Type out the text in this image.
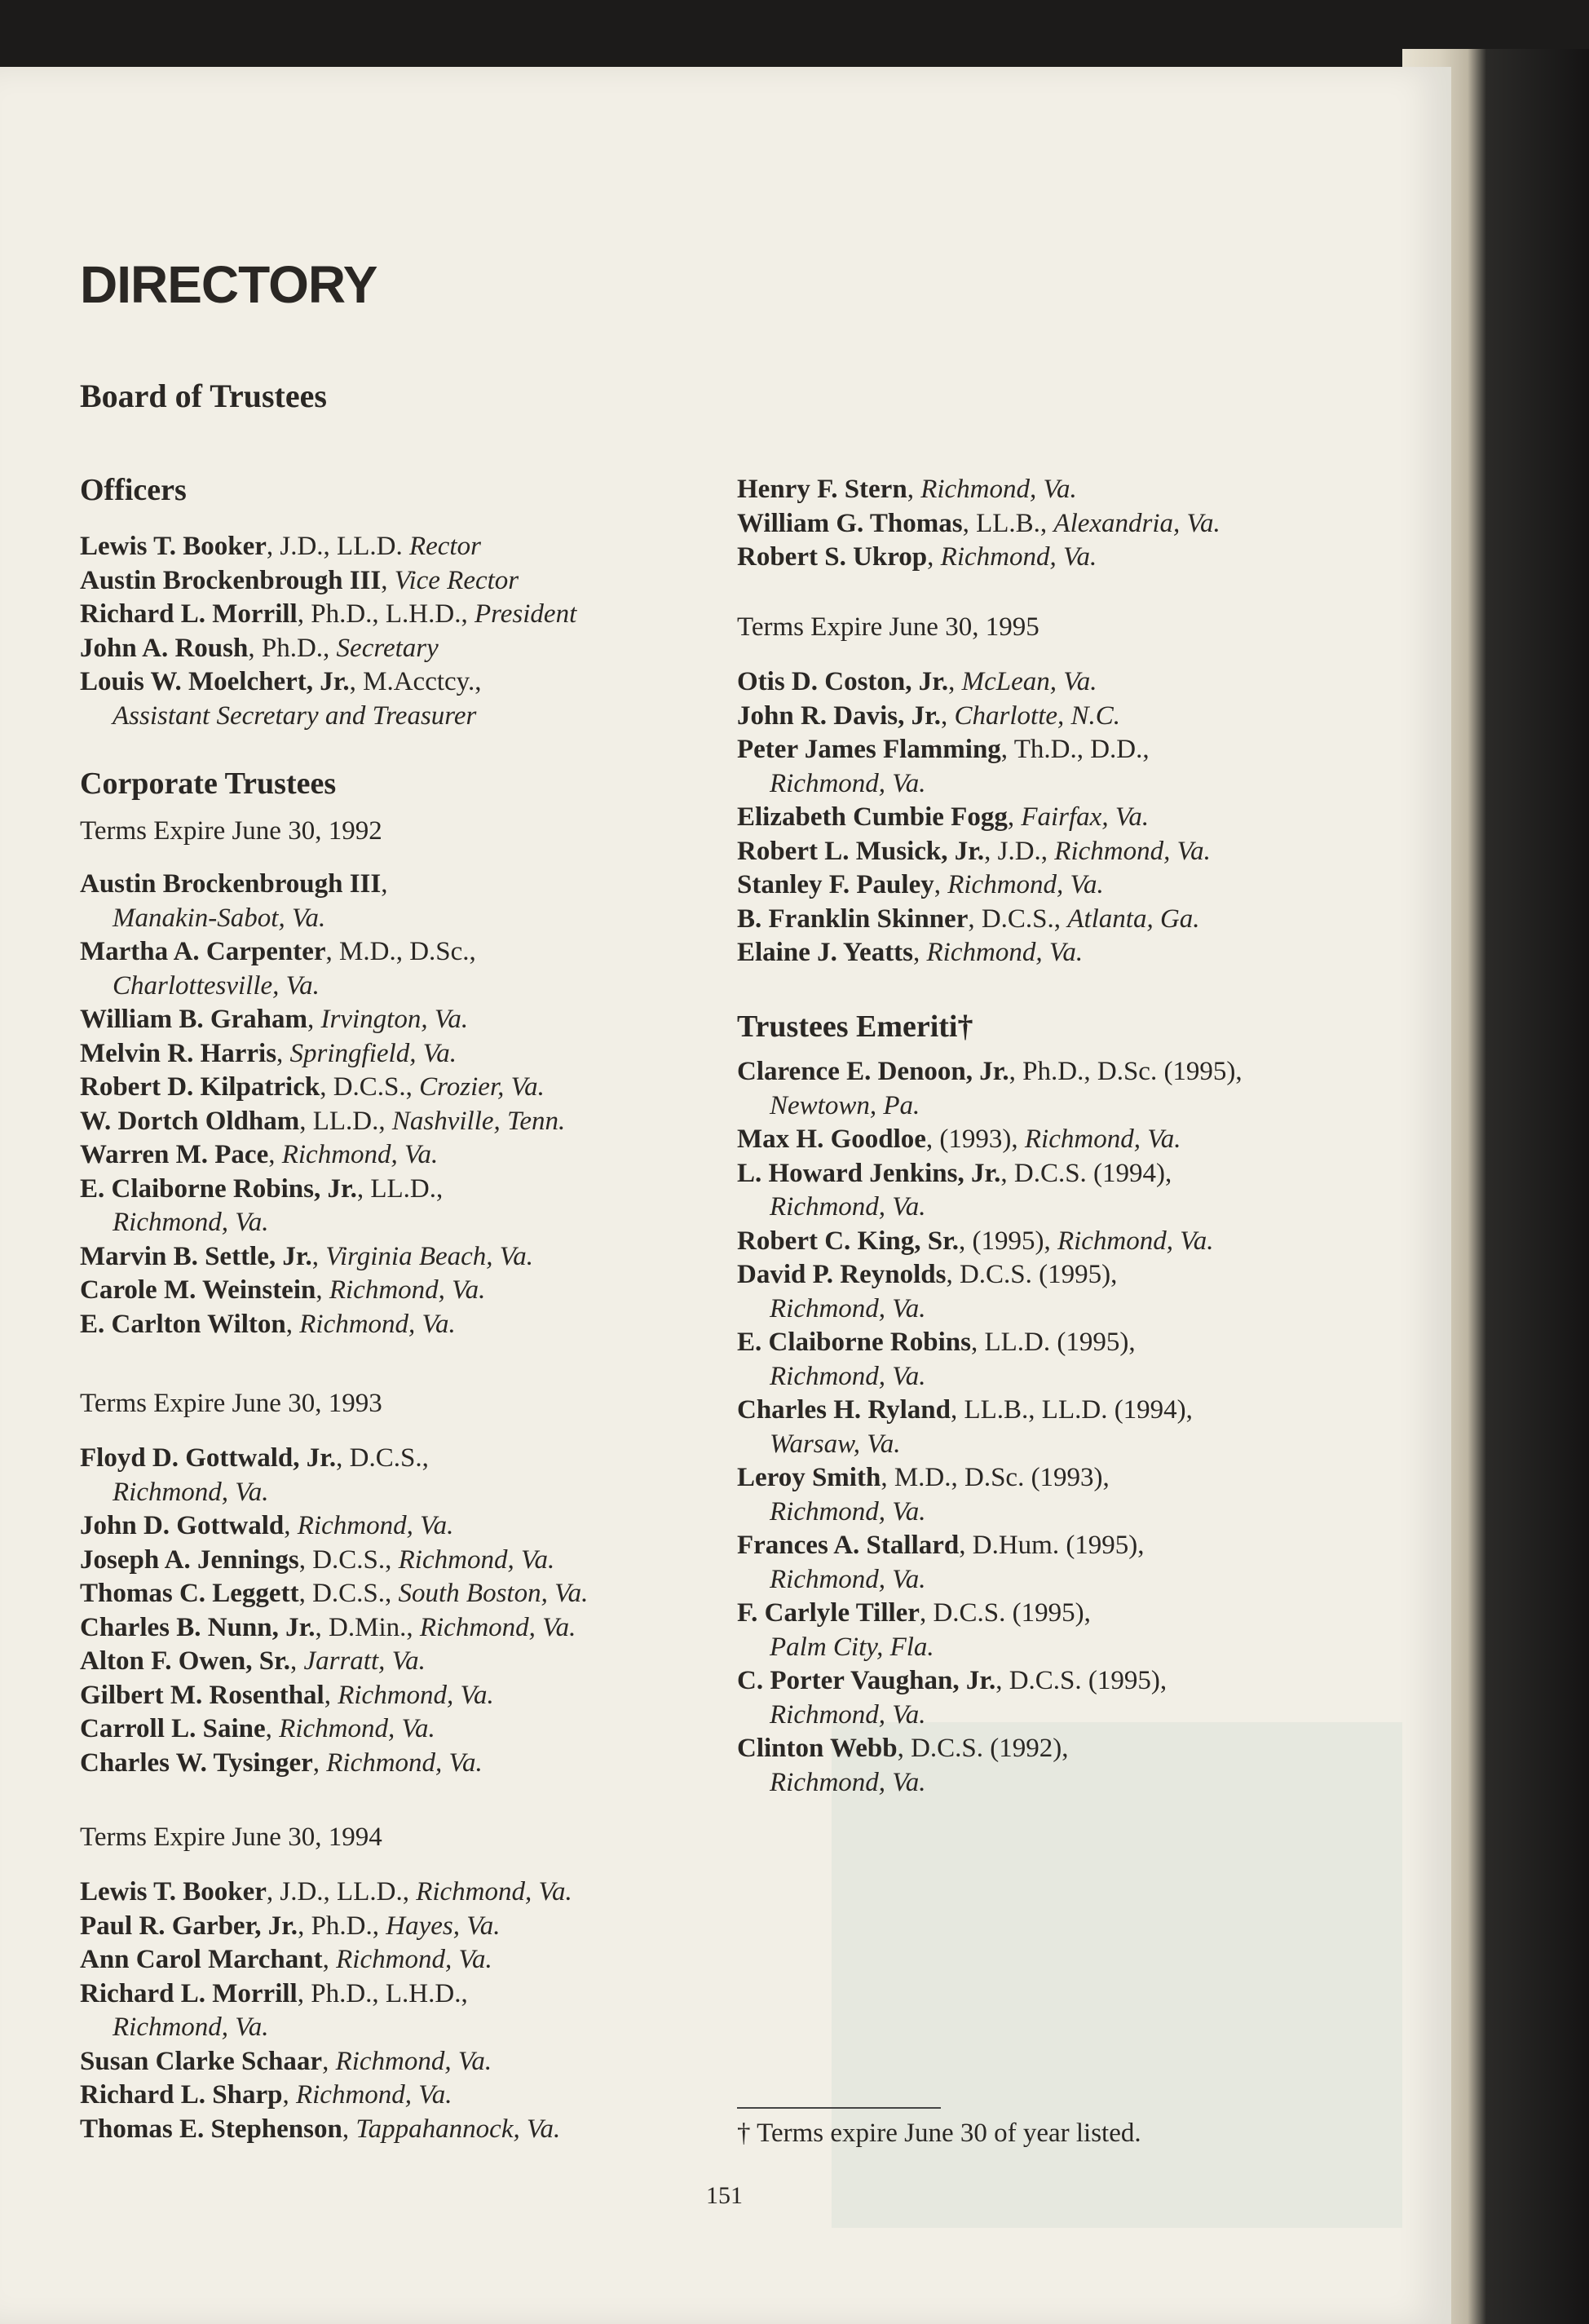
DIRECTORY
Board of Trustees

Officers

Lewis T. Booker, J.D., LL.D. Rector

Austin Brockenbrough III, Vice Rector

Richard L. Morrill, Ph.D., L.H.D., President

John A. Roush, Ph.D., Secretary

Louis W. Moelchert, Jr., M.Acctcy.,
Assistant Secretary and Treasurer

Corporate Trustees

Terms Expire June 30, 1992

Austin Brockenbrough III,
Manakin-Sabot, Va.

Martha A. Carpenter, M.D., D.Sc.,
Charlottesville, Va.

William B. Graham, Irvington, Va.

Melvin R. Harris, Springfield, Va.

Robert D. Kilpatrick, D.C.S., Crozier, Va.

W. Dortch Oldham, LL.D., Nashville, Tenn.

Warren M. Pace, Richmond, Va.

E. Claiborne Robins, Jr., LL.D.,
Richmond, Va.

Marvin B. Settle, Jr., Virginia Beach, Va.

Carole M. Weinstein, Richmond, Va.

E. Carlton Wilton, Richmond, Va.

Terms Expire June 30, 1993

Floyd D. Gottwald, Jr., D.C.S.,
Richmond, Va.

John D. Gottwald, Richmond, Va.

Joseph A. Jennings, D.C.S., Richmond, Va.

Thomas C. Leggett, D.C.S., South Boston, Va.

Charles B. Nunn, Jr., D.Min., Richmond, Va.

Alton F. Owen, Sr., Jarratt, Va.

Gilbert M. Rosenthal, Richmond, Va.

Carroll L. Saine, Richmond, Va.

Charles W. Tysinger, Richmond, Va.

Terms Expire June 30, 1994

Lewis T. Booker, J.D., LL.D., Richmond, Va.

Paul R. Garber, Jr., Ph.D., Hayes, Va.

Ann Carol Marchant, Richmond, Va.

Richard L. Morrill, Ph.D., L.H.D.,
Richmond, Va.

Susan Clarke Schaar, Richmond, Va.

Richard L. Sharp, Richmond, Va.

Thomas E. Stephenson, Tappahannock, Va.

Henry F. Stern, Richmond, Va.

William G. Thomas, LL.B., Alexandria, Va.

Robert S. Ukrop, Richmond, Va.

Terms Expire June 30, 1995

Otis D. Coston, Jr., McLean, Va.

John R. Davis, Jr., Charlotte, N.C.

Peter James Flamming, Th.D., D.D.,
Richmond, Va.

Elizabeth Cumbie Fogg, Fairfax, Va.

Robert L. Musick, Jr., J.D., Richmond, Va.

Stanley F. Pauley, Richmond, Va.

B. Franklin Skinner, D.C.S., Atlanta, Ga.

Elaine J. Yeatts, Richmond, Va.

Trustees Emeriti†

Clarence E. Denoon, Jr., Ph.D., D.Sc. (1995),
Newtown, Pa.

Max H. Goodloe, (1993), Richmond, Va.

L. Howard Jenkins, Jr., D.C.S. (1994),
Richmond, Va.

Robert C. King, Sr., (1995), Richmond, Va.

David P. Reynolds, D.C.S. (1995),
Richmond, Va.

E. Claiborne Robins, LL.D. (1995),
Richmond, Va.

Charles H. Ryland, LL.B., LL.D. (1994),
Warsaw, Va.

Leroy Smith, M.D., D.Sc. (1993),
Richmond, Va.

Frances A. Stallard, D.Hum. (1995),
Richmond, Va.

F. Carlyle Tiller, D.C.S. (1995),
Palm City, Fla.

C. Porter Vaughan, Jr., D.C.S. (1995),
Richmond, Va.

Clinton Webb, D.C.S. (1992),
Richmond, Va.

† Terms expire June 30 of year listed.
151
